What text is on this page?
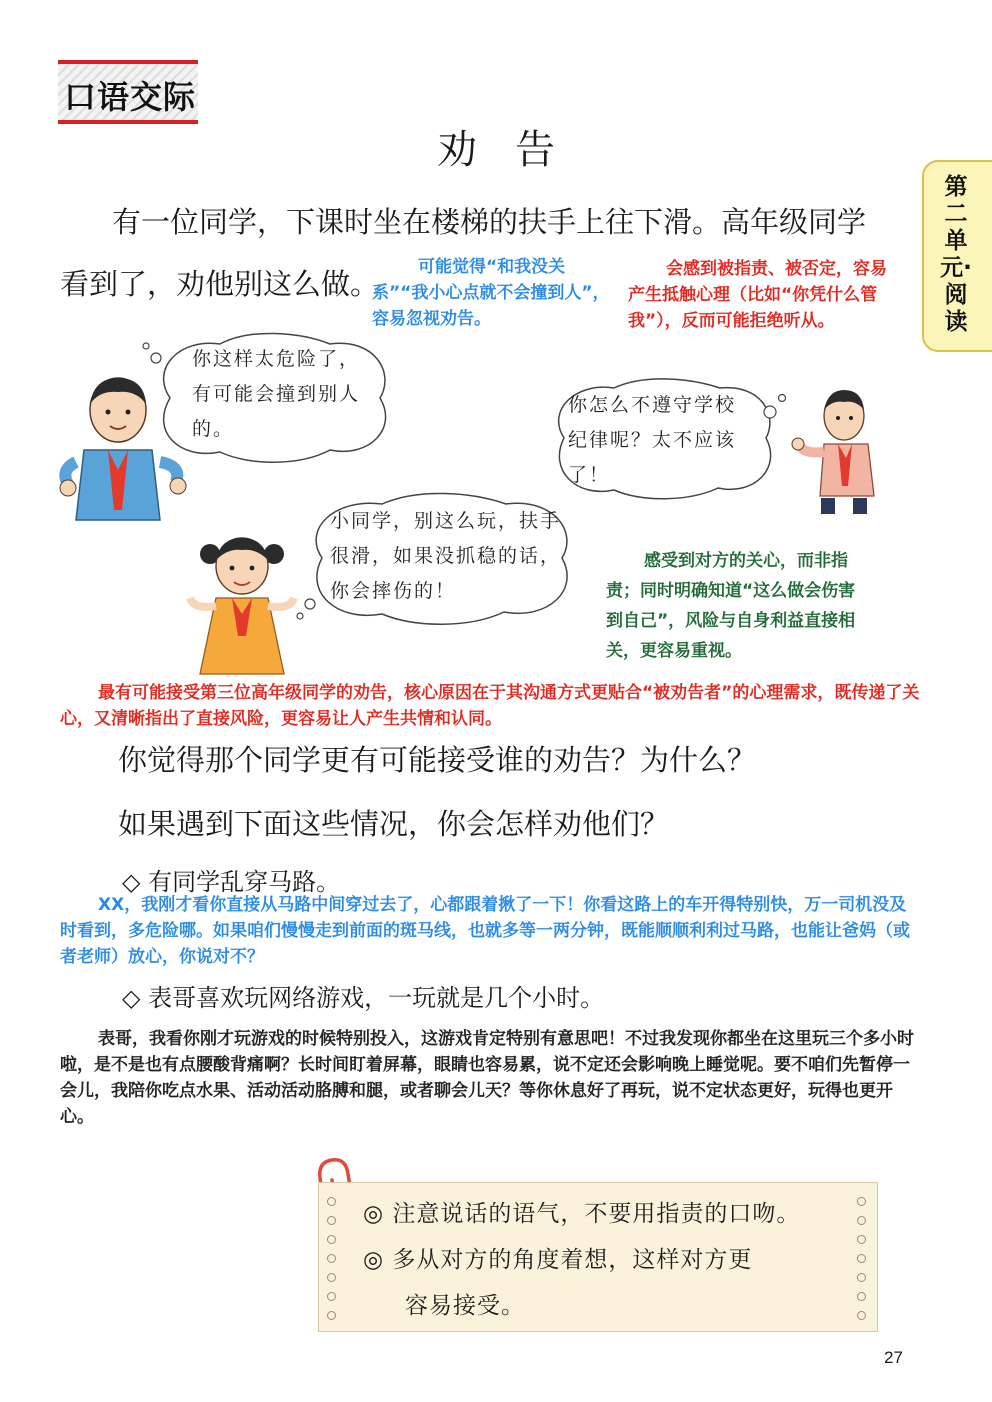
口语交际
劝告
第二单元·阅读
有一位同学，下课时坐在楼梯的扶手上往下滑。高年级同学
看到了，劝他别这么做。	可能觉得“和我没关系”“我小心点就不会撞到人”，容易忽视劝告。
会感到被指责、被否定，容易产生抵触心理（比如“你凭什么管我”），反而可能拒绝听从。
你这样太危险了，有可能会撞到别人的。
你怎么不遵守学校纪律呢？太不应该了！
小同学，别这么玩，扶手很滑，如果没抓稳的话，你会摔伤的！
感受到对方的关心，而非指责；同时明确知道“这么做会伤害到自己”，风险与自身利益直接相关，更容易重视。
最有可能接受第三位高年级同学的劝告，核心原因在于其沟通方式更贴合“被劝告者”的心理需求，既传递了关心，又清晰指出了直接风险，更容易让人产生共情和认同。
你觉得那个同学更有可能接受谁的劝告？为什么？
如果遇到下面这些情况，你会怎样劝他们？
◇ 有同学乱穿马路。
XX，我刚才看你直接从马路中间穿过去了，心都跟着揪了一下！你看这路上的车开得特别快，万一司机没及时看到，多危险哪。如果咱们慢慢走到前面的斑马线，也就多等一两分钟，既能顺顺利利过马路，也能让爸妈（或者老师）放心，你说对不？
◇ 表哥喜欢玩网络游戏，一玩就是几个小时。
表哥，我看你刚才玩游戏的时候特别投入，这游戏肯定特别有意思吧！不过我发现你都坐在这里玩三个多小时啦，是不是也有点腰酸背痛啊？长时间盯着屏幕，眼睛也容易累，说不定还会影响晚上睡觉呢。要不咱们先暂停一会儿，我陪你吃点水果、活动活动胳膊和腿，或者聊会儿天？等你休息好了再玩，说不定状态更好，玩得也更开心。
◎ 注意说话的语气，不要用指责的口吻。
◎ 多从对方的角度着想，这样对方更
容易接受。
27
